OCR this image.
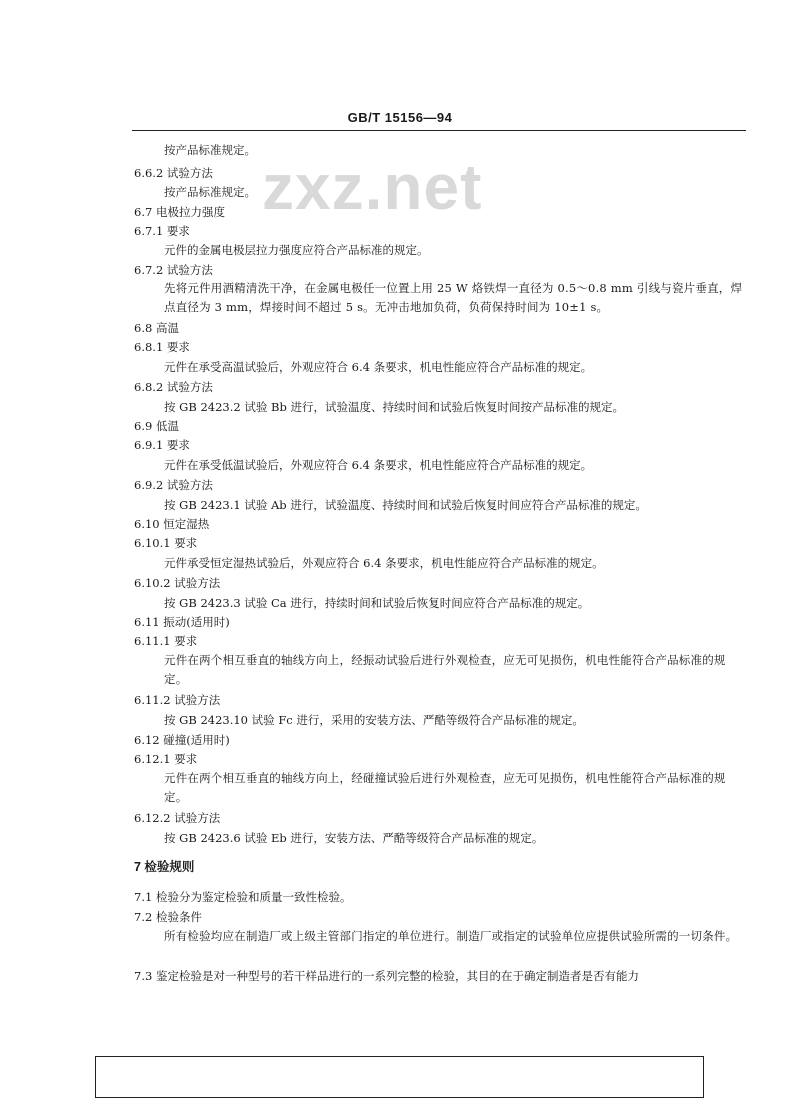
GB/T 15156—94
zxz.net
按产品标准规定。
6.6.2 试验方法
按产品标准规定。
6.7 电极拉力强度
6.7.1 要求
元件的金属电极层拉力强度应符合产品标准的规定。
6.7.2 试验方法
先将元件用酒精清洗干净，在金属电极任一位置上用 25 W 烙铁焊一直径为 0.5～0.8 mm 引线与瓷片垂直，焊点直径为 3 mm，焊接时间不超过 5 s。无冲击地加负荷，负荷保持时间为 10±1 s。
6.8 高温
6.8.1 要求
元件在承受高温试验后，外观应符合 6.4 条要求，机电性能应符合产品标准的规定。
6.8.2 试验方法
按 GB 2423.2 试验 Bb 进行，试验温度、持续时间和试验后恢复时间按产品标准的规定。
6.9 低温
6.9.1 要求
元件在承受低温试验后，外观应符合 6.4 条要求，机电性能应符合产品标准的规定。
6.9.2 试验方法
按 GB 2423.1 试验 Ab 进行，试验温度、持续时间和试验后恢复时间应符合产品标准的规定。
6.10 恒定湿热
6.10.1 要求
元件承受恒定湿热试验后，外观应符合 6.4 条要求，机电性能应符合产品标准的规定。
6.10.2 试验方法
按 GB 2423.3 试验 Ca 进行，持续时间和试验后恢复时间应符合产品标准的规定。
6.11 振动(适用时)
6.11.1 要求
元件在两个相互垂直的轴线方向上，经振动试验后进行外观检查，应无可见损伤，机电性能符合产品标准的规定。
6.11.2 试验方法
按 GB 2423.10 试验 Fc 进行，采用的安装方法、严酷等级符合产品标准的规定。
6.12 碰撞(适用时)
6.12.1 要求
元件在两个相互垂直的轴线方向上，经碰撞试验后进行外观检查，应无可见损伤，机电性能符合产品标准的规定。
6.12.2 试验方法
按 GB 2423.6 试验 Eb 进行，安装方法、严酷等级符合产品标准的规定。
7 检验规则
7.1 检验分为鉴定检验和质量一致性检验。
7.2 检验条件
所有检验均应在制造厂或上级主管部门指定的单位进行。制造厂或指定的试验单位应提供试验所需的一切条件。
7.3 鉴定检验是对一种型号的若干样品进行的一系列完整的检验，其目的在于确定制造者是否有能力
